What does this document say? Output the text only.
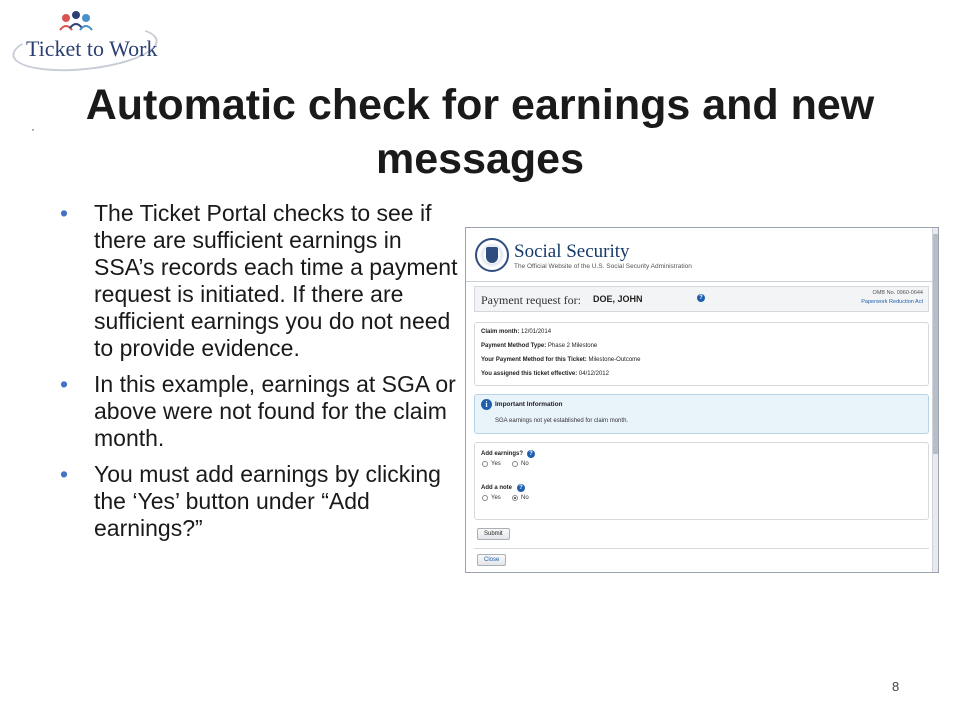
Ticket to Work
·	Automatic check for earnings and new messages
• The Ticket Portal checks to see if there are sufficient earnings in SSA’s records each time a payment request is initiated. If there are sufficient earnings you do not need to provide evidence.
• In this example, earnings at SGA or above were not found for the claim month.
• You must add earnings by clicking the ‘Yes’ button under “Add earnings?”
Social Security
The Official Website of the U.S. Social Security Administration
Payment request for: DOE, JOHN	?
OMB No. 0960-0644
Paperwork Reduction Act
Claim month: 12/01/2014
Payment Method Type: Phase 2 Milestone
Your Payment Method for this Ticket: Milestone-Outcome
You assigned this ticket effective: 04/12/2012
i	Important Information
SGA earnings not yet established for claim month.
Add earnings?	?
Yes	No
Add a note	?
Yes	No
Submit
Close
8
